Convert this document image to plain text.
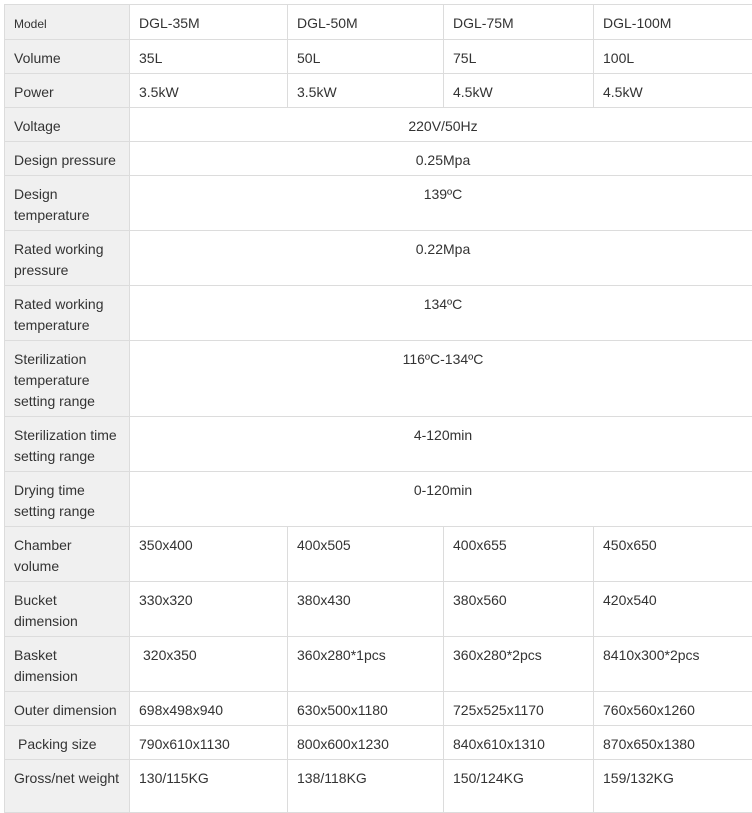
Model	DGL-35M	DGL-50M	DGL-75M	DGL-100M
Volume	35L	50L	75L	100L
Power	3.5kW	3.5kW	4.5kW	4.5kW
Voltage	220V/50Hz			
Design pressure	0.25Mpa			
Design temperature	139ºC			
Rated working pressure	0.22Mpa			
Rated working temperature	134ºC			
Sterilization temperature setting range	116ºC-134ºC			
Sterilization time setting range	4-120min			
Drying time setting range	0-120min			
Chamber volume	350x400	400x505	400x655	450x650
Bucket dimension	330x320	380x430	380x560	420x540
Basket dimension	320x350	360x280*1pcs	360x280*2pcs	8410x300*2pcs
Outer dimension	698x498x940	630x500x1180	725x525x1170	760x560x1260
Packing size	790x610x1130	800x600x1230	840x610x1310	870x650x1380
Gross/net weight	130/115KG	138/118KG	150/124KG	159/132KG
